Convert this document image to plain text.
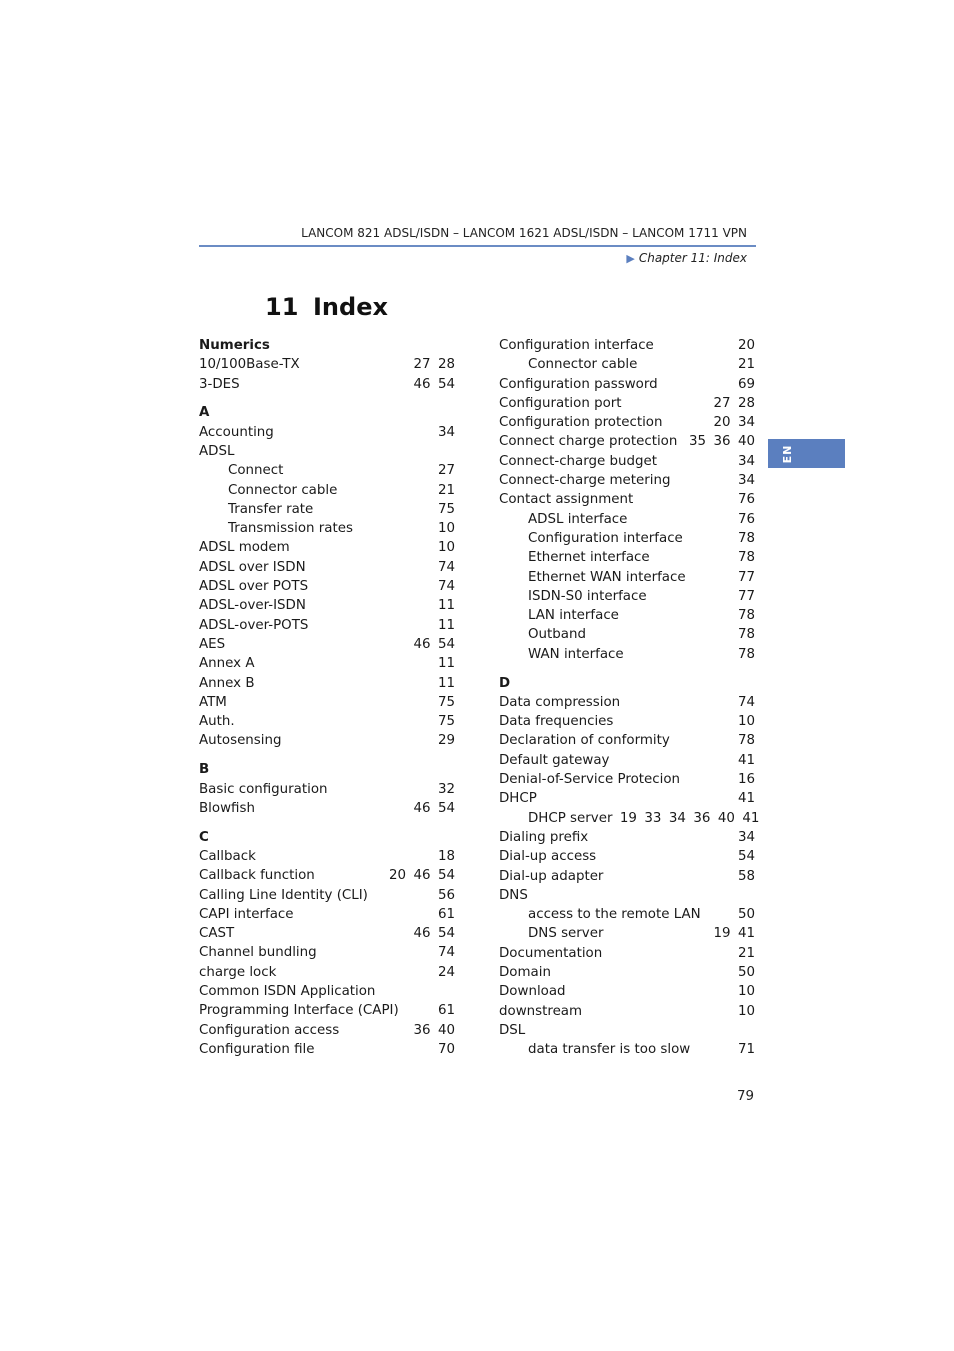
LANCOM 821 ADSL/ISDN – LANCOM 1621 ADSL/ISDN – LANCOM 1711 VPN
▶ Chapter 11: Index
EN
11 Index
Numerics
10/100Base-TX	27 28
3-DES	46 54
A
Accounting	34
ADSL
Connect	27
Connector cable	21
Transfer rate	75
Transmission rates	10
ADSL modem	10
ADSL over ISDN	74
ADSL over POTS	74
ADSL-over-ISDN	11
ADSL-over-POTS	11
AES	46 54
Annex A	11
Annex B	11
ATM	75
Auth.	75
Autosensing	29
B
Basic configuration	32
Blowfish	46 54
C
Callback	18
Callback function	20 46 54
Calling Line Identity (CLI)	56
CAPI interface	61
CAST	46 54
Channel bundling	74
charge lock	24
Common ISDN Application
Programming Interface (CAPI)	61
Configuration access	36 40
Configuration file	70
Configuration interface	20
Connector cable	21
Configuration password	69
Configuration port	27 28
Configuration protection	20 34
Connect charge protection 35 36 40
Connect-charge budget	34
Connect-charge metering	34
Contact assignment	76
ADSL interface	76
Configuration interface	78
Ethernet interface	78
Ethernet WAN interface	77
ISDN-S0 interface	77
LAN interface	78
Outband	78
WAN interface	78
D
Data compression	74
Data frequencies	10
Declaration of conformity	78
Default gateway	41
Denial-of-Service Protecion	16
DHCP	41
DHCP server 19 33 34 36 40 41
Dialing prefix	34
Dial-up access	54
Dial-up adapter	58
DNS
access to the remote LAN	50
DNS server	19 41
Documentation	21
Domain	50
Download	10
downstream	10
DSL
data transfer is too slow	71
79
